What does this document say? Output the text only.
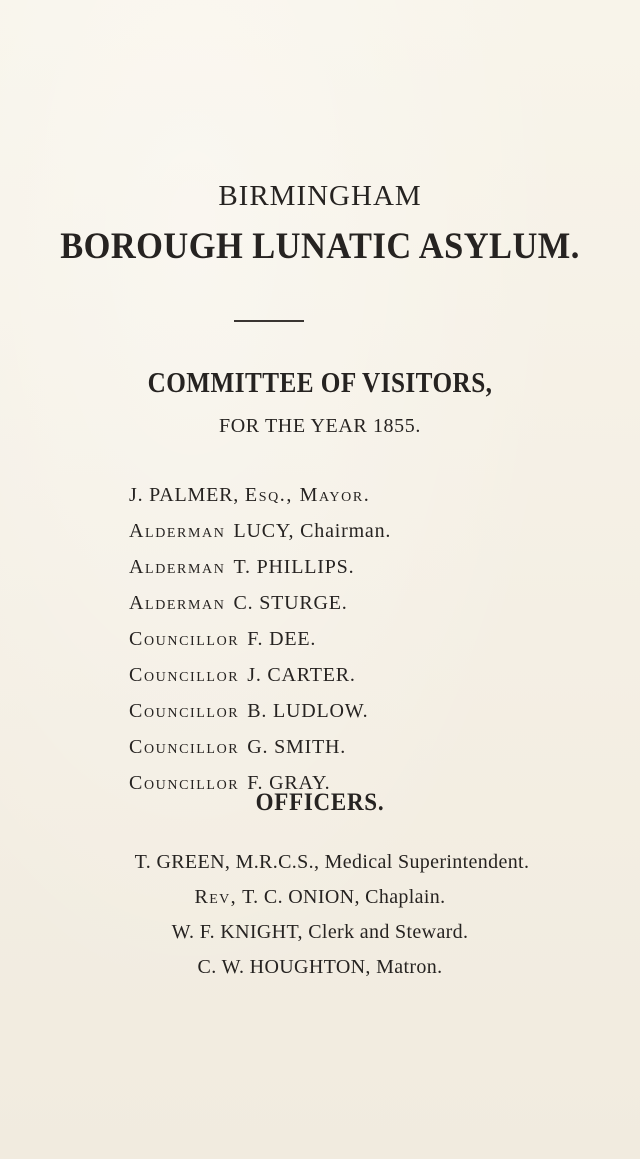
BIRMINGHAM
BOROUGH LUNATIC ASYLUM.
COMMITTEE OF VISITORS,
FOR THE YEAR 1855.
J. PALMER, Esq., Mayor.
Alderman LUCY, Chairman.
Alderman T. PHILLIPS.
Alderman C. STURGE.
Councillor F. DEE.
Councillor J. CARTER.
Councillor B. LUDLOW.
Councillor G. SMITH.
Councillor F. GRAY.
OFFICERS.
T. GREEN, M.R.C.S., Medical Superintendent.
Rev, T. C. ONION, Chaplain.
W. F. KNIGHT, Clerk and Steward.
C. W. HOUGHTON, Matron.
